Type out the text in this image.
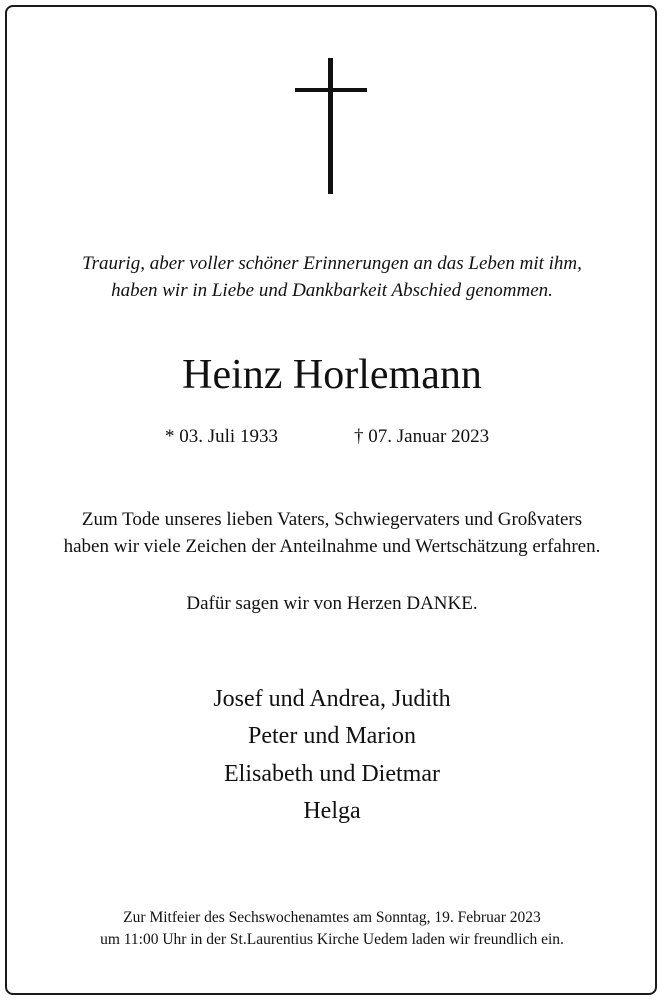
Traurig, aber voller schöner Erinnerungen an das Leben mit ihm,
haben wir in Liebe und Dankbarkeit Abschied genommen.
Heinz Horlemann
* 03. Juli 1933	† 07. Januar 2023
Zum Tode unseres lieben Vaters, Schwiegervaters und Großvaters
haben wir viele Zeichen der Anteilnahme und Wertschätzung erfahren.
Dafür sagen wir von Herzen DANKE.
Josef und Andrea, Judith
Peter und Marion
Elisabeth und Dietmar
Helga
Zur Mitfeier des Sechswochenamtes am Sonntag, 19. Februar 2023
um 11:00 Uhr in der St.Laurentius Kirche Uedem laden wir freundlich ein.
